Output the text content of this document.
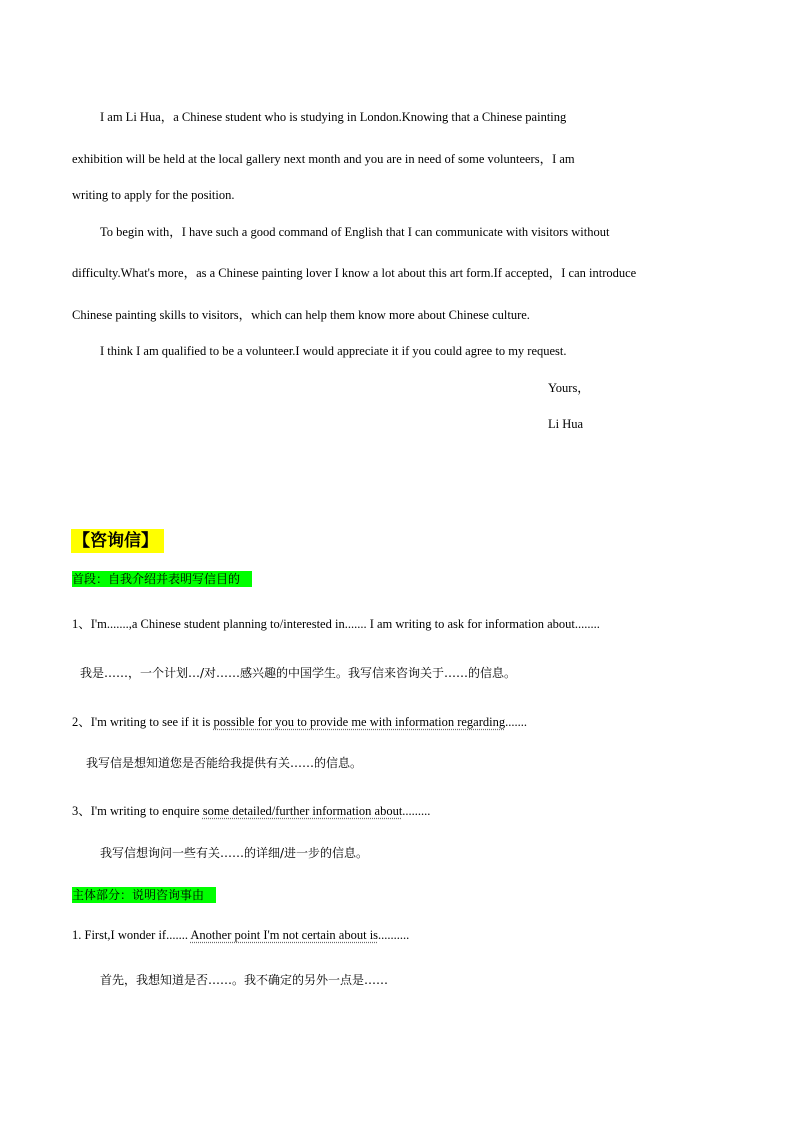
I am Li Hua，a Chinese student who is studying in London.Knowing that a Chinese painting
exhibition will be held at the local gallery next month and you are in need of some volunteers，I am
writing to apply for the position.
To begin with，I have such a good command of English that I can communicate with visitors without
difficulty.What's more，as a Chinese painting lover I know a lot about this art form.If accepted，I can introduce
Chinese painting skills to visitors，which can help them know more about Chinese culture.
I think I am qualified to be a volunteer.I would appreciate it if you could agree to my request.
Yours，
Li Hua
【咨询信】
首段：自我介绍并表明写信目的
1、I'm.......,a Chinese student planning to/interested in....... I am writing to ask for information about........
我是……，一个计划…/对……感兴趣的中国学生。我写信来咨询关于……的信息。
2、I'm writing to see if it is possible for you to provide me with information regarding.......
我写信是想知道您是否能给我提供有关……的信息。
3、I'm writing to enquire some detailed/further information about.........
我写信想询问一些有关……的详细/进一步的信息。
主体部分：说明咨询事由
1. First,I wonder if....... Another point I'm not certain about is..........
首先，我想知道是否……。我不确定的另外一点是……
